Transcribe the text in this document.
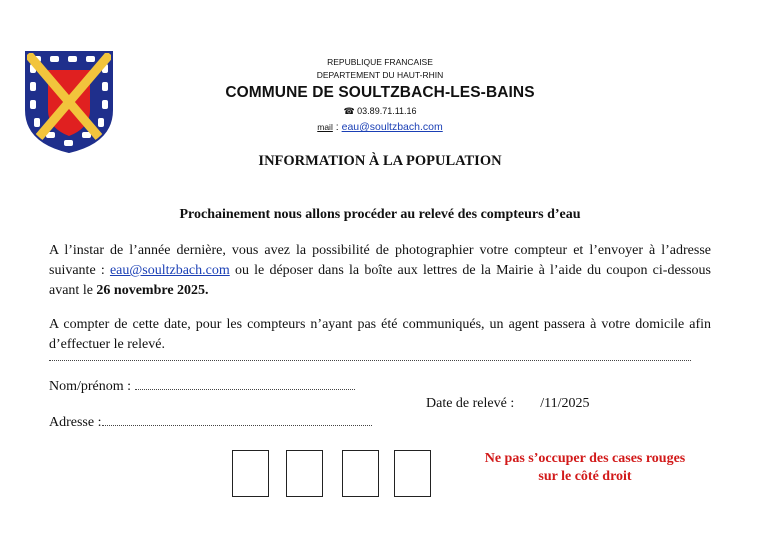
REPUBLIQUE FRANCAISE
DEPARTEMENT DU HAUT-RHIN
COMMUNE DE SOULTZBACH-LES-BAINS
☎ 03.89.71.11.16
mail : eau@soultzbach.com
INFORMATION À LA POPULATION
Prochainement nous allons procéder au relevé des compteurs d’eau
A l’instar de l’année dernière, vous avez la possibilité de photographier votre compteur et l’envoyer à l’adresse suivante : eau@soultzbach.com ou le déposer dans la boîte aux lettres de la Mairie à l’aide du coupon ci-dessous avant le 26 novembre 2025.
A compter de cette date, pour les compteurs n’ayant pas été communiqués, un agent passera à votre domicile afin d’effectuer le relevé.
Nom/prénom :
Date de relevé : /11/2025
Adresse :
Ne pas s’occuper des cases rouges
sur le côté droit
